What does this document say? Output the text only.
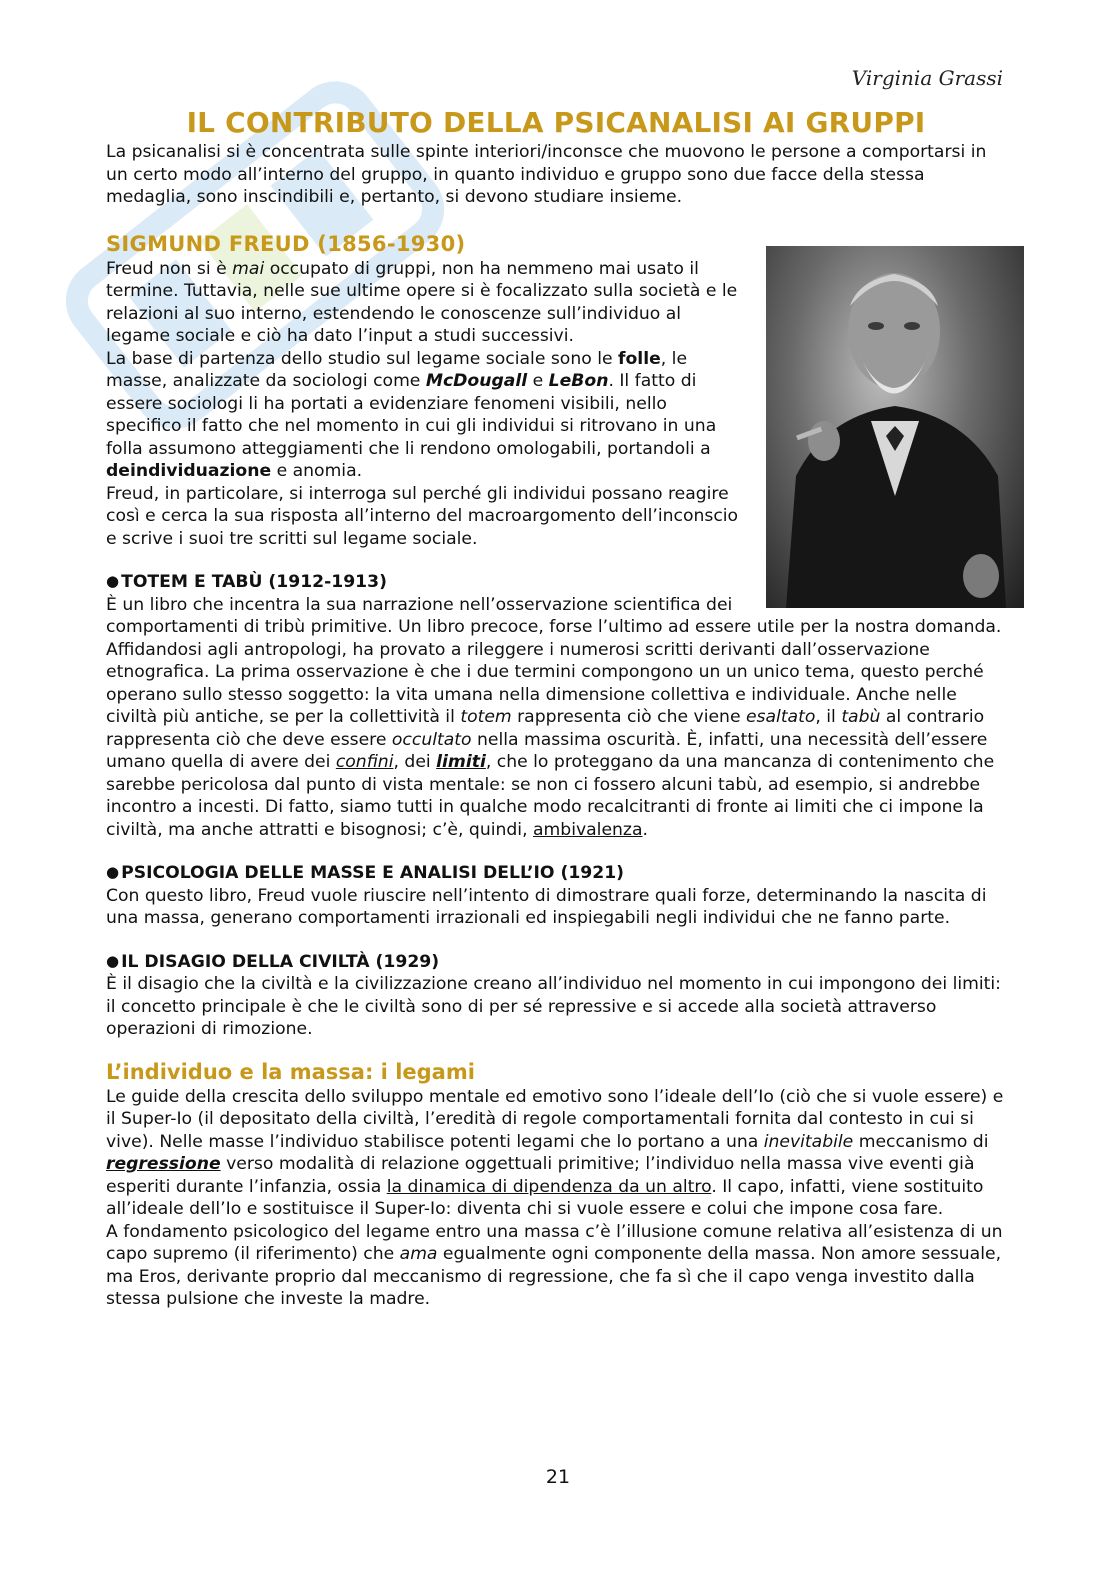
Virginia Grassi
IL CONTRIBUTO DELLA PSICANALISI AI GRUPPI

La psicanalisi si è concentrata sulle spinte interiori/inconsce che muovono le persone a comportarsi in un certo modo all’interno del gruppo, in quanto individuo e gruppo sono due facce della stessa medaglia, sono inscindibili e, pertanto, si devono studiare insieme.

SIGMUND FREUD (1856-1930)

Freud non si è mai occupato di gruppi, non ha nemmeno mai usato il termine. Tuttavia, nelle sue ultime opere si è focalizzato sulla società e le relazioni al suo interno, estendendo le conoscenze sull’individuo al legame sociale e ciò ha dato l’input a studi successivi.

La base di partenza dello studio sul legame sociale sono le folle, le masse, analizzate da sociologi come McDougall e LeBon. Il fatto di essere sociologi li ha portati a evidenziare fenomeni visibili, nello specifico il fatto che nel momento in cui gli individui si ritrovano in una folla assumono atteggiamenti che li rendono omologabili, portandoli a deindividuazione e anomia.

Freud, in particolare, si interroga sul perché gli individui possano reagire così e cerca la sua risposta all’interno del macroargomento dell’inconscio e scrive i suoi tre scritti sul legame sociale.

● TOTEM E TABÙ (1912-1913)

È un libro che incentra la sua narrazione nell’osservazione scientifica dei comportamenti di tribù primitive. Un libro precoce, forse l’ultimo ad essere utile per la nostra domanda.

Affidandosi agli antropologi, ha provato a rileggere i numerosi scritti derivanti dall’osservazione etnografica. La prima osservazione è che i due termini compongono un un unico tema, questo perché operano sullo stesso soggetto: la vita umana nella dimensione collettiva e individuale. Anche nelle civiltà più antiche, se per la collettività il totem rappresenta ciò che viene esaltato, il tabù al contrario rappresenta ciò che deve essere occultato nella massima oscurità. È, infatti, una necessità dell’essere umano quella di avere dei confini, dei limiti, che lo proteggano da una mancanza di contenimento che sarebbe pericolosa dal punto di vista mentale: se non ci fossero alcuni tabù, ad esempio, si andrebbe incontro a incesti. Di fatto, siamo tutti in qualche modo recalcitranti di fronte ai limiti che ci impone la civiltà, ma anche attratti e bisognosi; c’è, quindi, ambivalenza.

● PSICOLOGIA DELLE MASSE E ANALISI DELL’IO (1921)

Con questo libro, Freud vuole riuscire nell’intento di dimostrare quali forze, determinando la nascita di una massa, generano comportamenti irrazionali ed inspiegabili negli individui che ne fanno parte.

● IL DISAGIO DELLA CIVILTÀ (1929)

È il disagio che la civiltà e la civilizzazione creano all’individuo nel momento in cui impongono dei limiti: il concetto principale è che le civiltà sono di per sé repressive e si accede alla società attraverso operazioni di rimozione.

L’individuo e la massa: i legami

Le guide della crescita dello sviluppo mentale ed emotivo sono l’ideale dell’Io (ciò che si vuole essere) e il Super-Io (il depositato della civiltà, l’eredità di regole comportamentali fornita dal contesto in cui si vive). Nelle masse l’individuo stabilisce potenti legami che lo portano a una inevitabile meccanismo di regressione verso modalità di relazione oggettuali primitive; l’individuo nella massa vive eventi già esperiti durante l’infanzia, ossia la dinamica di dipendenza da un altro. Il capo, infatti, viene sostituito all’ideale dell’Io e sostituisce il Super-Io: diventa chi si vuole essere e colui che impone cosa fare.

A fondamento psicologico del legame entro una massa c’è l’illusione comune relativa all’esistenza di un capo supremo (il riferimento) che ama egualmente ogni componente della massa. Non amore sessuale, ma Eros, derivante proprio dal meccanismo di regressione, che fa sì che il capo venga investito dalla stessa pulsione che investe la madre.

21
